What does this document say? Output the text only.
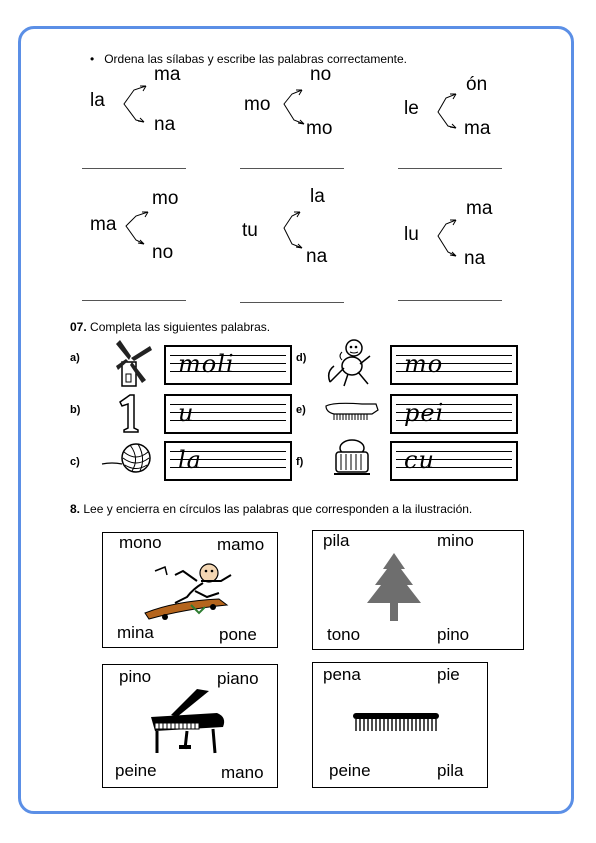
• Ordena las sílabas y escribe las palabras correctamente.
la
ma
na
mo
no
mo
le
ón
ma
ma
mo
no
tu
la
na
lu
ma
na
07. Completa las siguientes palabras.
a)	moli
b)	u
c)	la
d)	mo
e)	pei
f)	cu
8. Lee y encierra en círculos las palabras que corresponden a la ilustración.
mono	mamo
mina	pone
pila	mino
tono	pino
pino	piano
peine	mano
pena	pie
peine	pila
